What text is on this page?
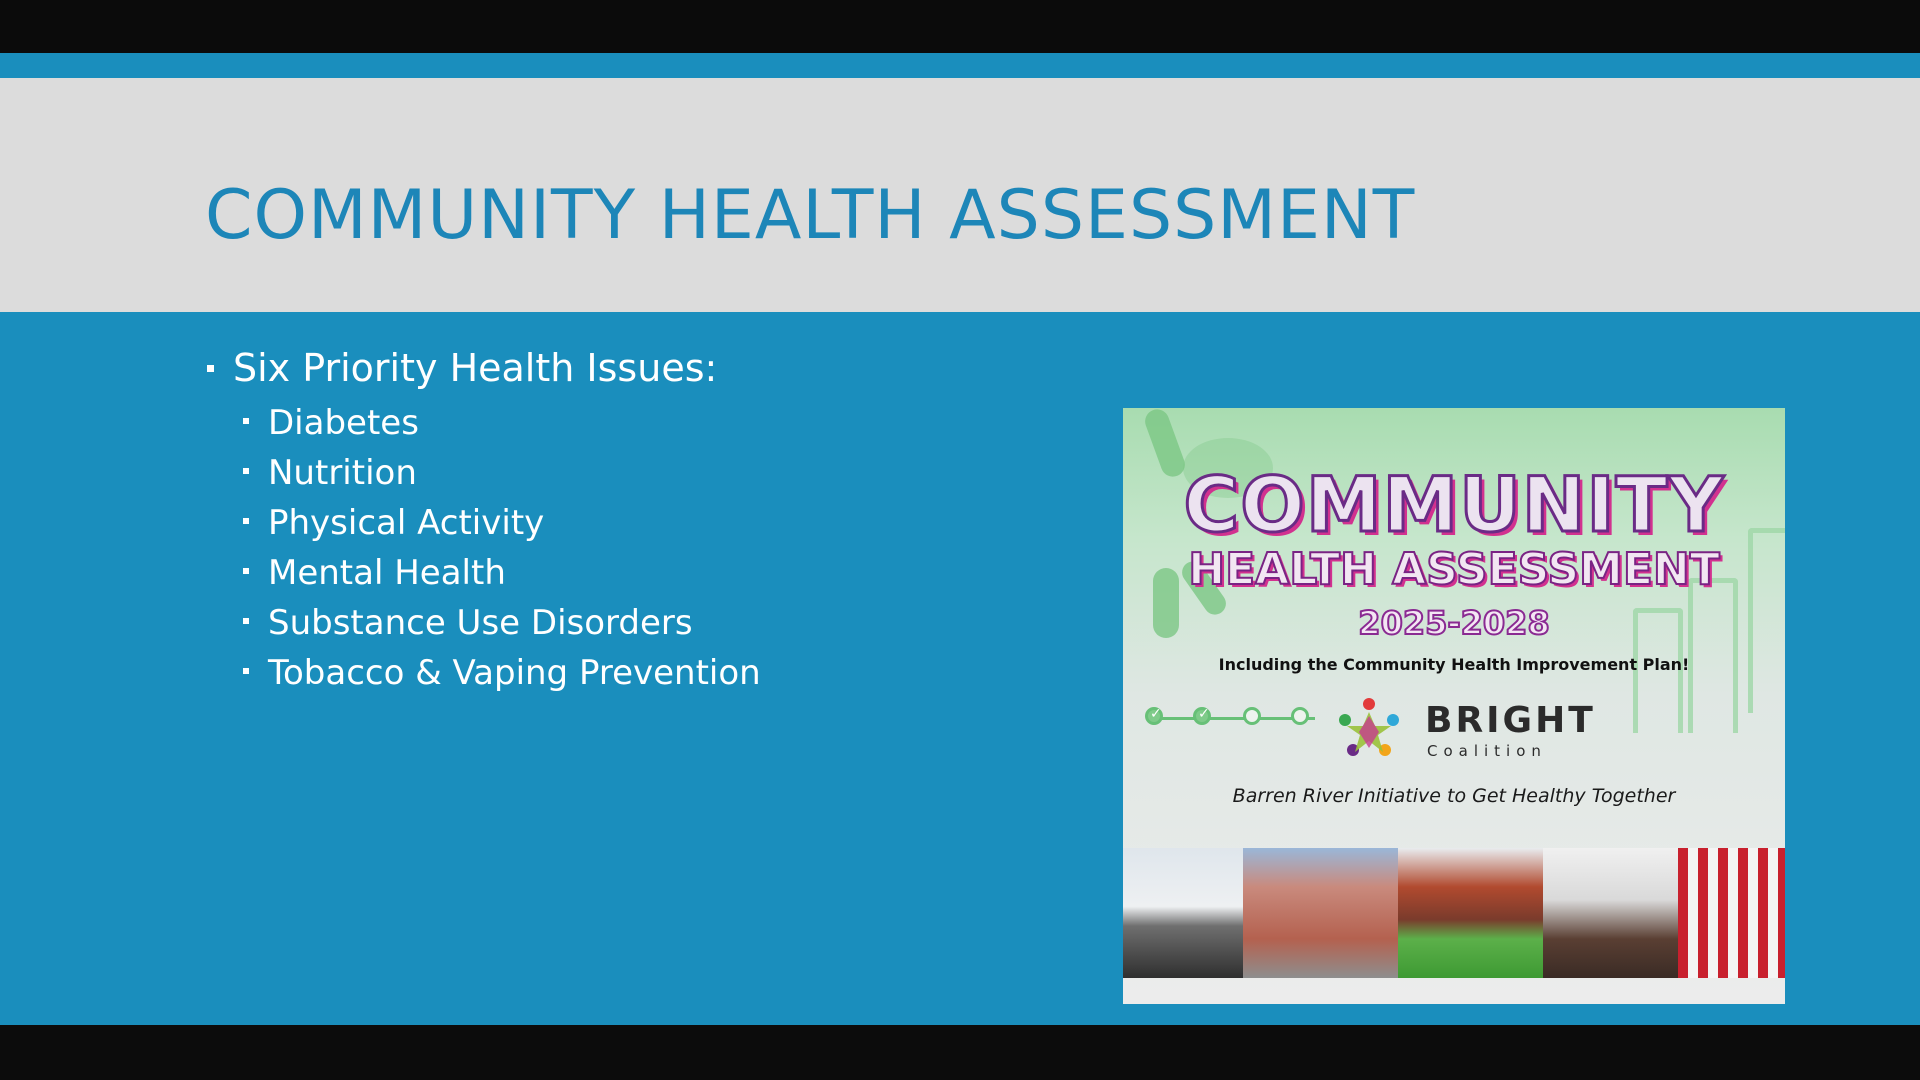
COMMUNITY HEALTH ASSESSMENT
Six Priority Health Issues:
Diabetes
Nutrition
Physical Activity
Mental Health
Substance Use Disorders
Tobacco & Vaping Prevention
COMMUNITY
HEALTH ASSESSMENT
2025-2028
Including the Community Health Improvement Plan!
✓
✓
BRIGHT
Coalition
Barren River Initiative to Get Healthy Together
